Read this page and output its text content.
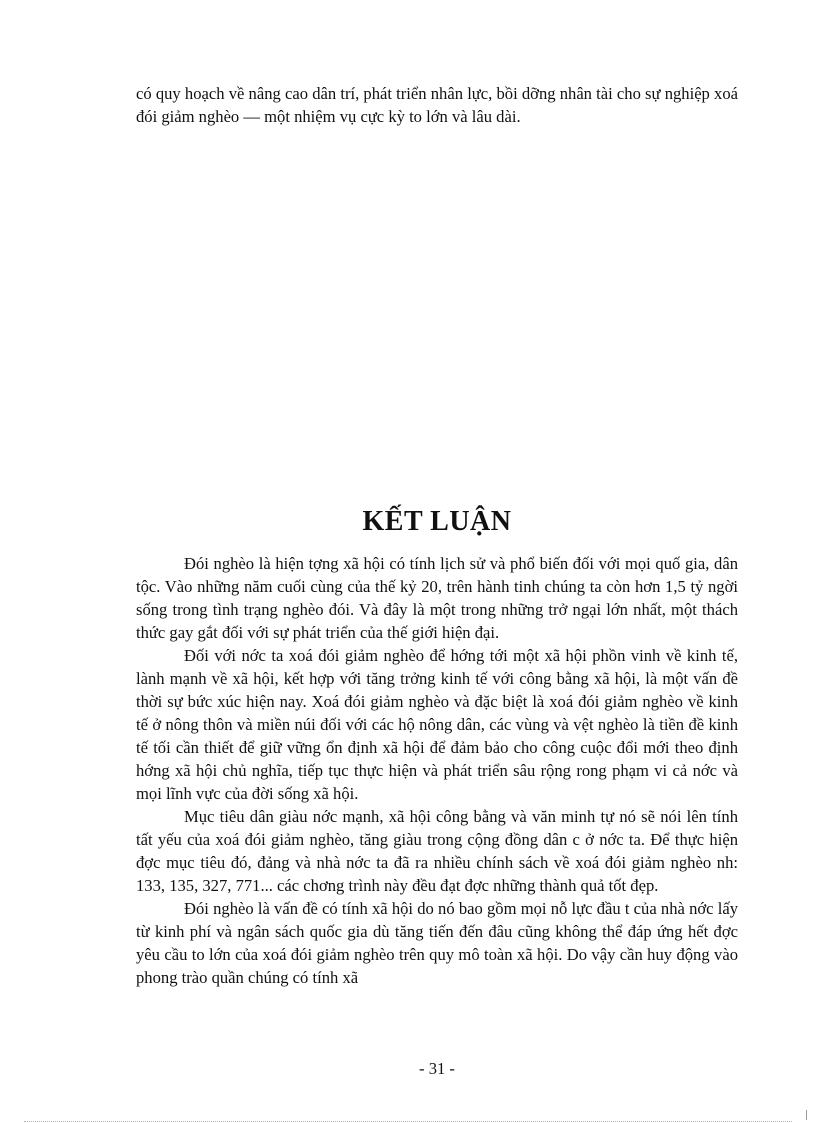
có quy hoạch về nâng cao dân trí, phát triển nhân lực, bồi dỡng nhân tài cho sự nghiệp xoá đói giảm nghèo — một nhiệm vụ cực kỳ to lớn và lâu dài.

KẾT LUẬN

Đói nghèo là hiện tợng xã hội có tính lịch sử và phổ biến đối với mọi quố gia, dân tộc. Vào những năm cuối cùng của thế kỷ 20, trên hành tinh chúng ta còn hơn 1,5 tỷ ngời sống trong tình trạng nghèo đói. Và đây là một trong những trở ngại lớn nhất, một thách thức gay gắt đối với sự phát triển của thế giới hiện đại.

Đối với nớc ta xoá đói giảm nghèo để hớng tới một xã hội phồn vinh về kinh tế, lành mạnh về xã hội, kết hợp với tăng trởng kinh tế với công bằng xã hội, là một vấn đề thời sự bức xúc hiện nay. Xoá đói giảm nghèo và đặc biệt là xoá đói giảm nghèo về kinh tế ở nông thôn và miền núi đối với các hộ nông dân, các vùng và vệt nghèo là tiền đề kinh tế tối cần thiết để giữ vững ổn định xã hội để đảm bảo cho công cuộc đổi mới theo định hớng xã hội chủ nghĩa, tiếp tục thực hiện và phát triển sâu rộng rong phạm vi cả nớc và mọi lĩnh vực của đời sống xã hội.

Mục tiêu dân giàu nớc mạnh, xã hội công bằng và văn minh tự nó sẽ nói lên tính tất yếu của xoá đói giảm nghèo, tăng giàu trong cộng đồng dân c ở nớc ta. Để thực hiện đợc mục tiêu đó, đảng và nhà nớc ta đã ra nhiều chính sách về xoá đói giảm nghèo nh: 133, 135, 327, 771... các chơng trình này đều đạt đợc những thành quả tốt đẹp.

Đói nghèo là vấn đề có tính xã hội do nó bao gồm mọi nỗ lực đầu t của nhà nớc lấy từ kinh phí và ngân sách quốc gia dù tăng tiến đến đâu cũng không thể đáp ứng hết đợc yêu cầu to lớn của xoá đói giảm nghèo trên quy mô toàn xã hội. Do vậy cần huy động vào phong trào quần chúng có tính xã

- 31 -
